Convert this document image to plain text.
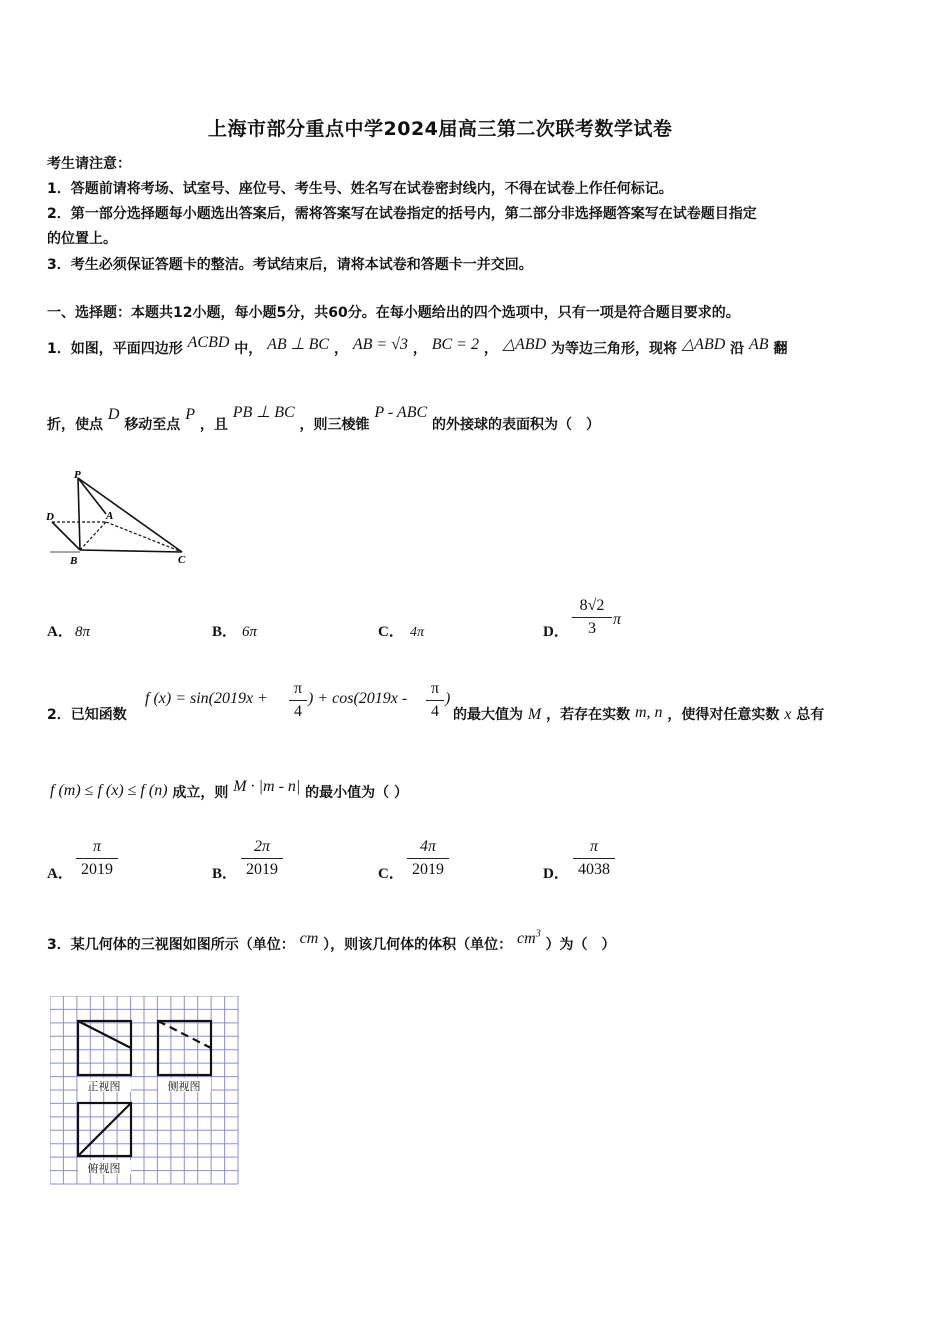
上海市部分重点中学2024届高三第二次联考数学试卷
考生请注意：
1．答题前请将考场、试室号、座位号、考生号、姓名写在试卷密封线内，不得在试卷上作任何标记。
2．第一部分选择题每小题选出答案后，需将答案写在试卷指定的括号内，第二部分非选择题答案写在试卷题目指定
的位置上。
3．考生必须保证答题卡的整洁。考试结束后，请将本试卷和答题卡一并交回。
一、选择题：本题共12小题，每小题5分，共60分。在每小题给出的四个选项中，只有一项是符合题目要求的。
1．如图，平面四边形 ACBD 中， AB ⊥ BC ， AB = √3 ， BC = 2 ， △ABD 为等边三角形，现将 △ABD 沿 AB 翻
折，使点 D 移动至点 P ，且 PB ⊥ BC ，则三棱锥 P - ABC 的外接球的表面积为（　）
P
D	A
B	C
A． 8π	B． 6π	C． 4π	D．
8√2
3
π
2．已知函数
f (x) = sin(2019x +
π
4
) + cos(2019x -
π
4
)
的最大值为 M ，若存在实数 m, n ，使得对任意实数 x 总有
f (m) ≤ f (x) ≤ f (n) 成立，则 M · |m - n| 的最小值为（ ）
A．
π
2019	B．
2π
2019	C．
4π
2019	D．
π
4038
3．某几何体的三视图如图所示（单位： cm ），则该几何体的体积（单位： $cm^3$ ）为（　）
正视图	侧视图
俯视图
